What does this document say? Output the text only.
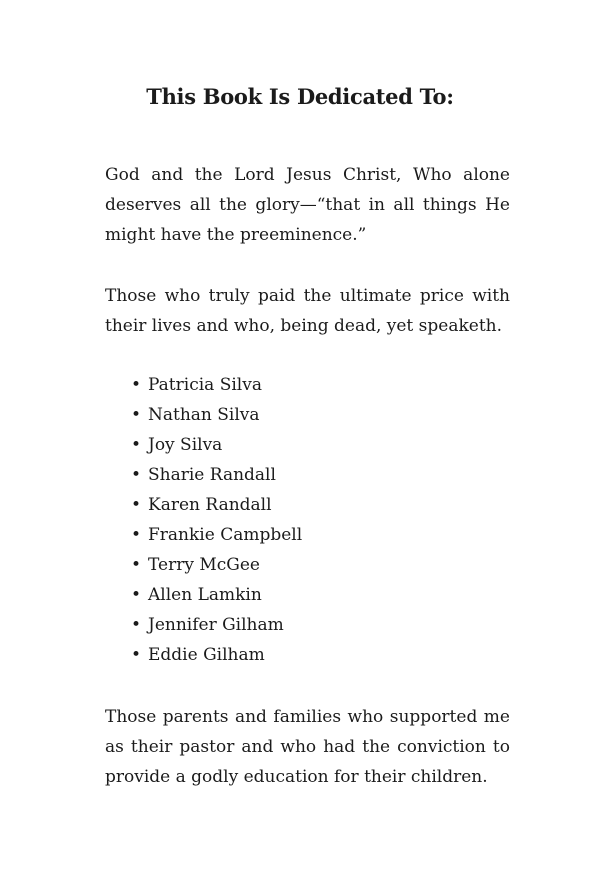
This Book Is Dedicated To:

God and the Lord Jesus Christ, Who alone deserves all the glory—“that in all things He might have the preeminence.”

Those who truly paid the ultimate price with their lives and who, being dead, yet speaketh.

• Patricia Silva
• Nathan Silva
• Joy Silva
• Sharie Randall
• Karen Randall
• Frankie Campbell
• Terry McGee
• Allen Lamkin
• Jennifer Gilham
• Eddie Gilham

Those parents and families who supported me as their pastor and who had the conviction to provide a godly education for their children.
